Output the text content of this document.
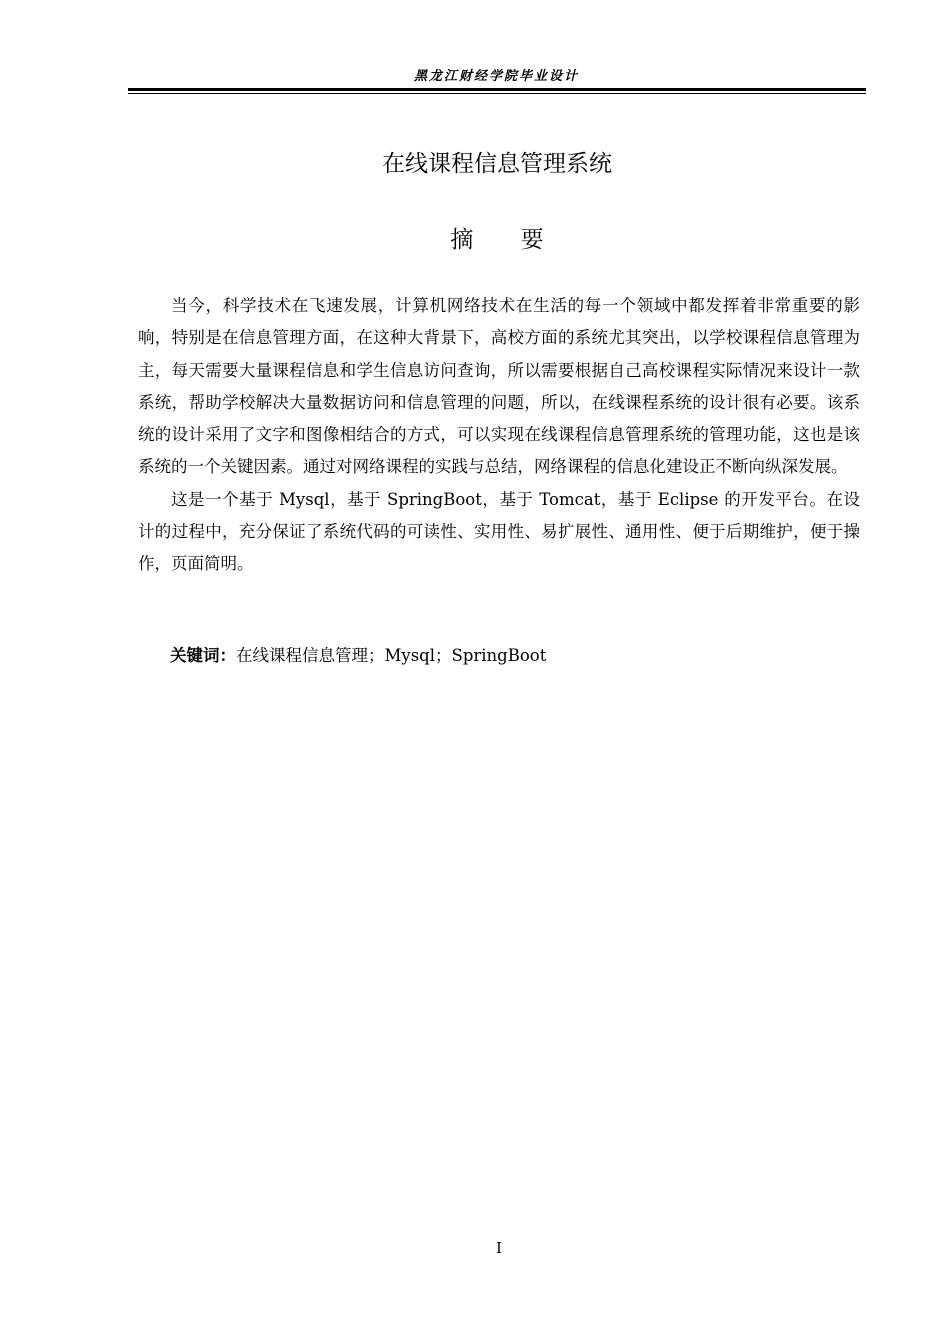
黑龙江财经学院毕业设计
在线课程信息管理系统
摘 要

当今，科学技术在飞速发展，计算机网络技术在生活的每一个领域中都发挥着非常重要的影响，特别是在信息管理方面，在这种大背景下，高校方面的系统尤其突出，以学校课程信息管理为主，每天需要大量课程信息和学生信息访问查询，所以需要根据自己高校课程实际情况来设计一款系统，帮助学校解决大量数据访问和信息管理的问题，所以，在线课程系统的设计很有必要。该系统的设计采用了文字和图像相结合的方式，可以实现在线课程信息管理系统的管理功能，这也是该系统的一个关键因素。通过对网络课程的实践与总结，网络课程的信息化建设正不断向纵深发展。

这是一个基于 Mysql，基于 SpringBoot，基于 Tomcat，基于 Eclipse 的开发平台。在设计的过程中，充分保证了系统代码的可读性、实用性、易扩展性、通用性、便于后期维护，便于操作，页面简明。

关键词：在线课程信息管理；Mysql；SpringBoot
I
